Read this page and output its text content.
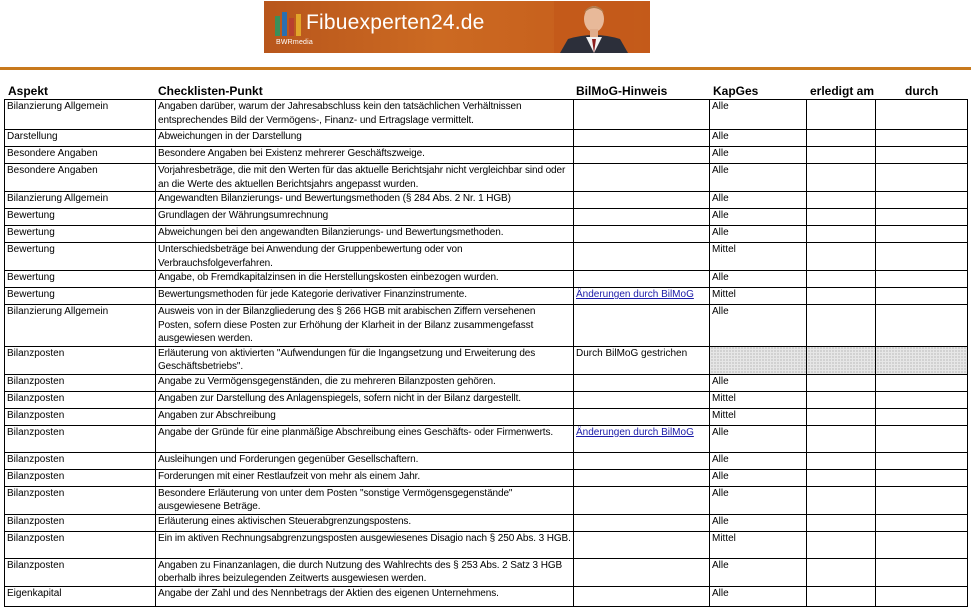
BWRmedia
Fibuexperten24.de
Aspekt	Checklisten-Punkt	BilMoG-Hinweis	KapGes	erledigt am	durch
Bilanzierung Allgemein	Angaben darüber, warum der Jahresabschluss kein den tatsächlichen Verhältnissen entsprechendes Bild der Vermögens-, Finanz- und Ertragslage vermittelt.		Alle		
Darstellung	Abweichungen in der Darstellung		Alle		
Besondere Angaben	Besondere Angaben bei Existenz mehrerer Geschäftszweige.		Alle		
Besondere Angaben	Vorjahresbeträge, die mit den Werten für das aktuelle Berichtsjahr nicht vergleichbar sind oder an die Werte des aktuellen Berichtsjahrs angepasst wurden.		Alle		
Bilanzierung Allgemein	Angewandten Bilanzierungs- und Bewertungsmethoden (§ 284 Abs. 2 Nr. 1 HGB)		Alle		
Bewertung	Grundlagen der Währungsumrechnung		Alle		
Bewertung	Abweichungen bei den angewandten Bilanzierungs- und Bewertungsmethoden.		Alle		
Bewertung	Unterschiedsbeträge bei Anwendung der Gruppenbewertung oder von Verbrauchsfolgeverfahren.		Mittel		
Bewertung	Angabe, ob Fremdkapitalzinsen in die Herstellungskosten einbezogen wurden.		Alle		
Bewertung	Bewertungsmethoden für jede Kategorie derivativer Finanzinstrumente.	Änderungen durch BilMoG	Mittel		
Bilanzierung Allgemein	Ausweis von in der Bilanzgliederung des § 266 HGB mit arabischen Ziffern versehenen Posten, sofern diese Posten zur Erhöhung der Klarheit in der Bilanz zusammengefasst ausgewiesen werden.		Alle		
Bilanzposten	Erläuterung von aktivierten "Aufwendungen für die Ingangsetzung und Erweiterung des Geschäftsbetriebs".	Durch BilMoG gestrichen			
Bilanzposten	Angabe zu Vermögensgegenständen, die zu mehreren Bilanzposten gehören.		Alle		
Bilanzposten	Angaben zur Darstellung des Anlagenspiegels, sofern nicht in der Bilanz dargestellt.		Mittel		
Bilanzposten	Angaben zur Abschreibung		Mittel		
Bilanzposten	Angabe der Gründe für eine planmäßige Abschreibung eines Geschäfts- oder Firmenwerts.	Änderungen durch BilMoG	Alle		
Bilanzposten	Ausleihungen und Forderungen gegenüber Gesellschaftern.		Alle		
Bilanzposten	Forderungen mit einer Restlaufzeit von mehr als einem Jahr.		Alle		
Bilanzposten	Besondere Erläuterung von unter dem Posten "sonstige Vermögensgegenstände" ausgewiesene Beträge.		Alle		
Bilanzposten	Erläuterung eines aktivischen Steuerabgrenzungspostens.		Alle		
Bilanzposten	Ein im aktiven Rechnungsabgrenzungsposten ausgewiesenes Disagio nach § 250 Abs. 3 HGB.		Mittel		
Bilanzposten	Angaben zu Finanzanlagen, die durch Nutzung des Wahlrechts des § 253 Abs. 2 Satz 3 HGB oberhalb ihres beizulegenden Zeitwerts ausgewiesen werden.		Alle		
Eigenkapital	Angabe der Zahl und des Nennbetrags der Aktien des eigenen Unternehmens.		Alle		
